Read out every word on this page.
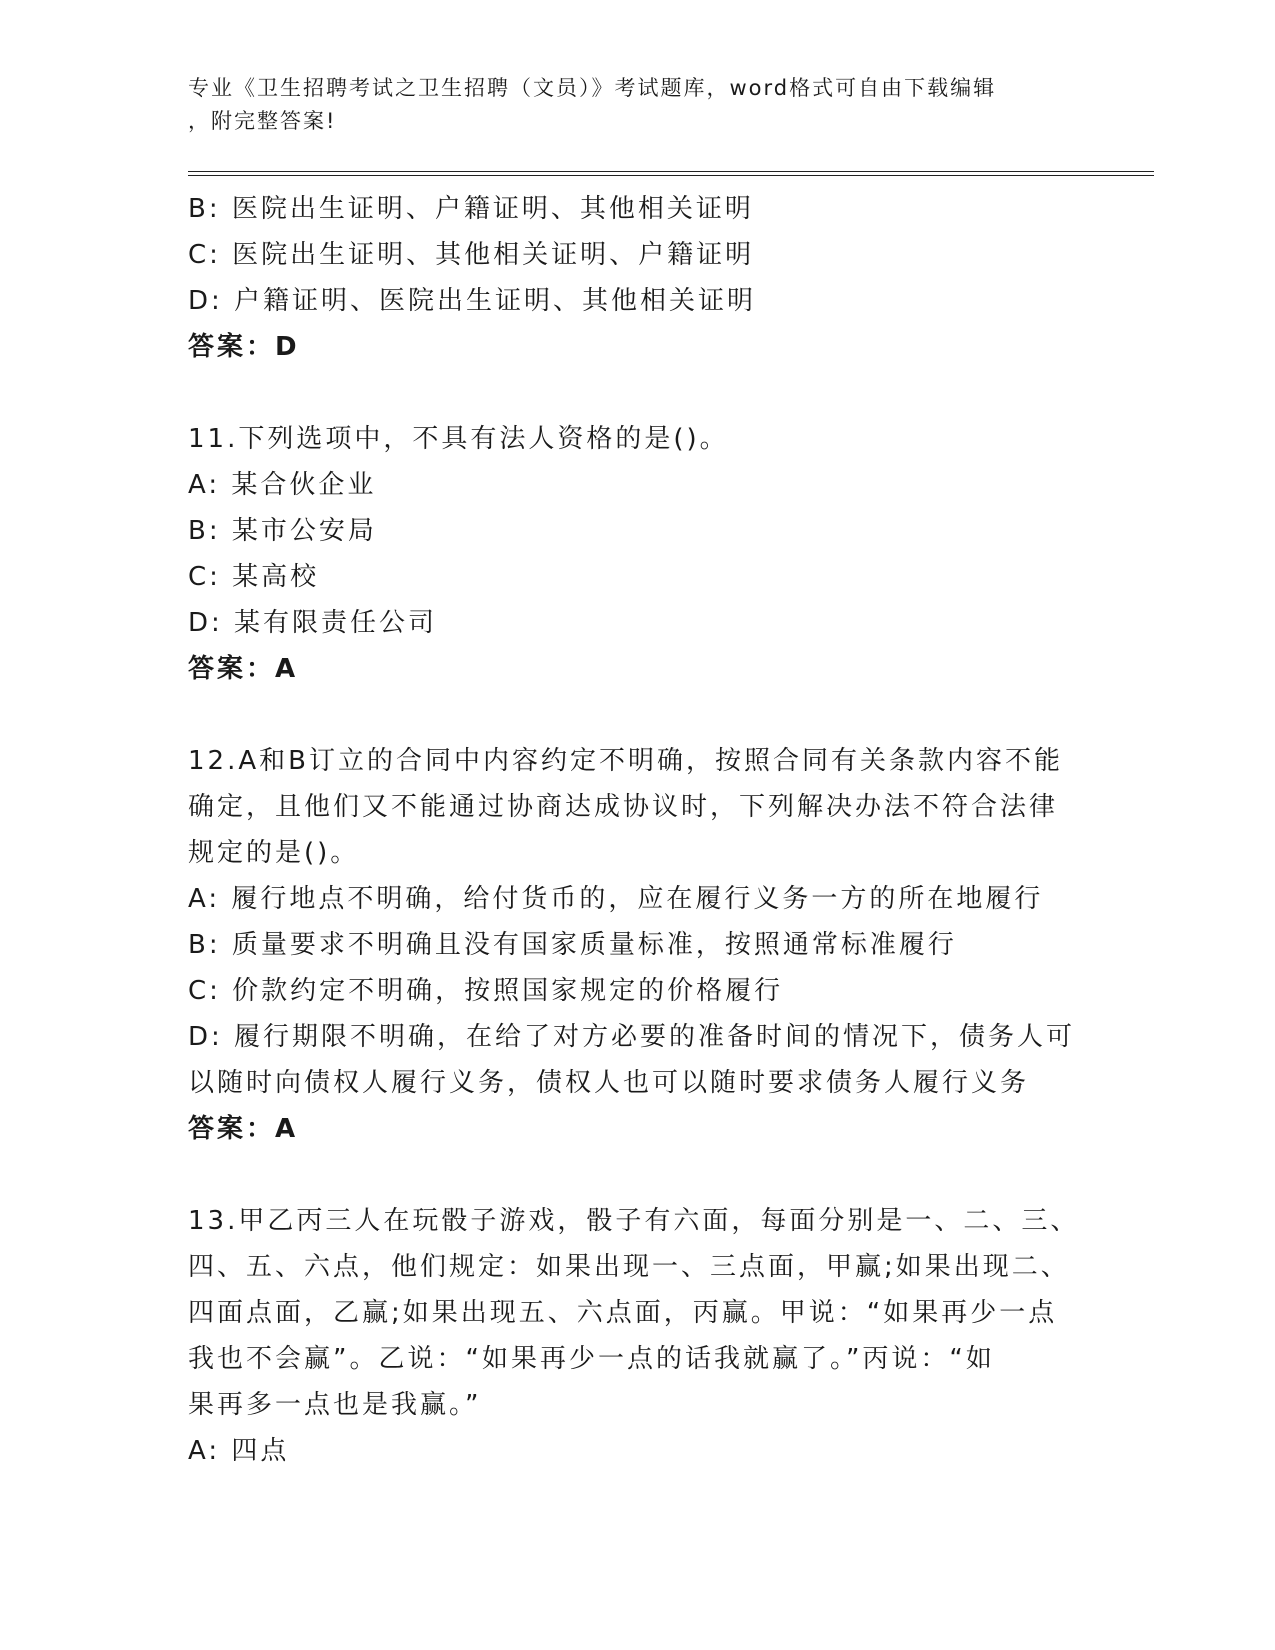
专业《卫生招聘考试之卫生招聘（文员）》考试题库，word格式可自由下载编辑
，附完整答案!
B: 医院出生证明、户籍证明、其他相关证明
C: 医院出生证明、其他相关证明、户籍证明
D: 户籍证明、医院出生证明、其他相关证明
答案：D
11.下列选项中，不具有法人资格的是()。
A: 某合伙企业
B: 某市公安局
C: 某高校
D: 某有限责任公司
答案：A
12.A和B订立的合同中内容约定不明确，按照合同有关条款内容不能
确定，且他们又不能通过协商达成协议时，下列解决办法不符合法律
规定的是()。
A: 履行地点不明确，给付货币的，应在履行义务一方的所在地履行
B: 质量要求不明确且没有国家质量标准，按照通常标准履行
C: 价款约定不明确，按照国家规定的价格履行
D: 履行期限不明确，在给了对方必要的准备时间的情况下，债务人可
以随时向债权人履行义务，债权人也可以随时要求债务人履行义务
答案：A
13.甲乙丙三人在玩骰子游戏，骰子有六面，每面分别是一、二、三、
四、五、六点，他们规定：如果出现一、三点面，甲赢;如果出现二、
四面点面，乙赢;如果出现五、六点面，丙赢。甲说：“如果再少一点
我也不会赢”。乙说：“如果再少一点的话我就赢了。”丙说：“如
果再多一点也是我赢。”
A: 四点
